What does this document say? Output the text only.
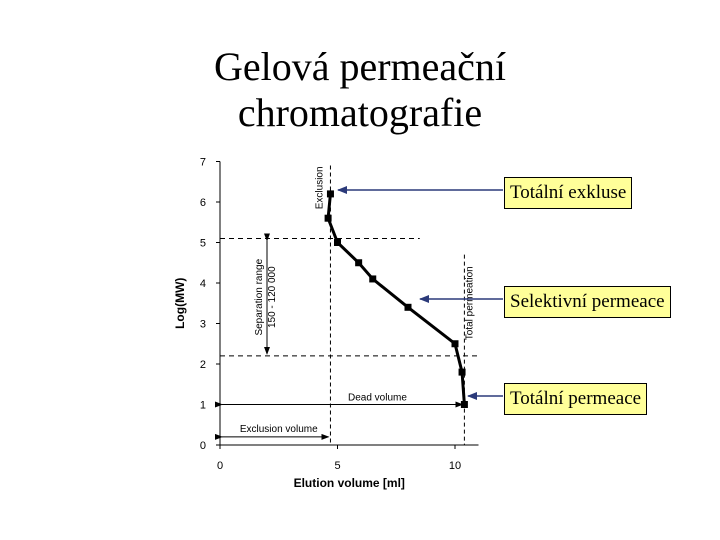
Gelová permeační
chromatografie
0
1
2
3
4
5
6
7
0	5	10
Elution volume [ml]
Log(MW)
Exclusion
Separation range 150 - 120 000	Total permeation
Dead volume
Exclusion volume
Totální exkluse
Selektivní permeace
Totální permeace
